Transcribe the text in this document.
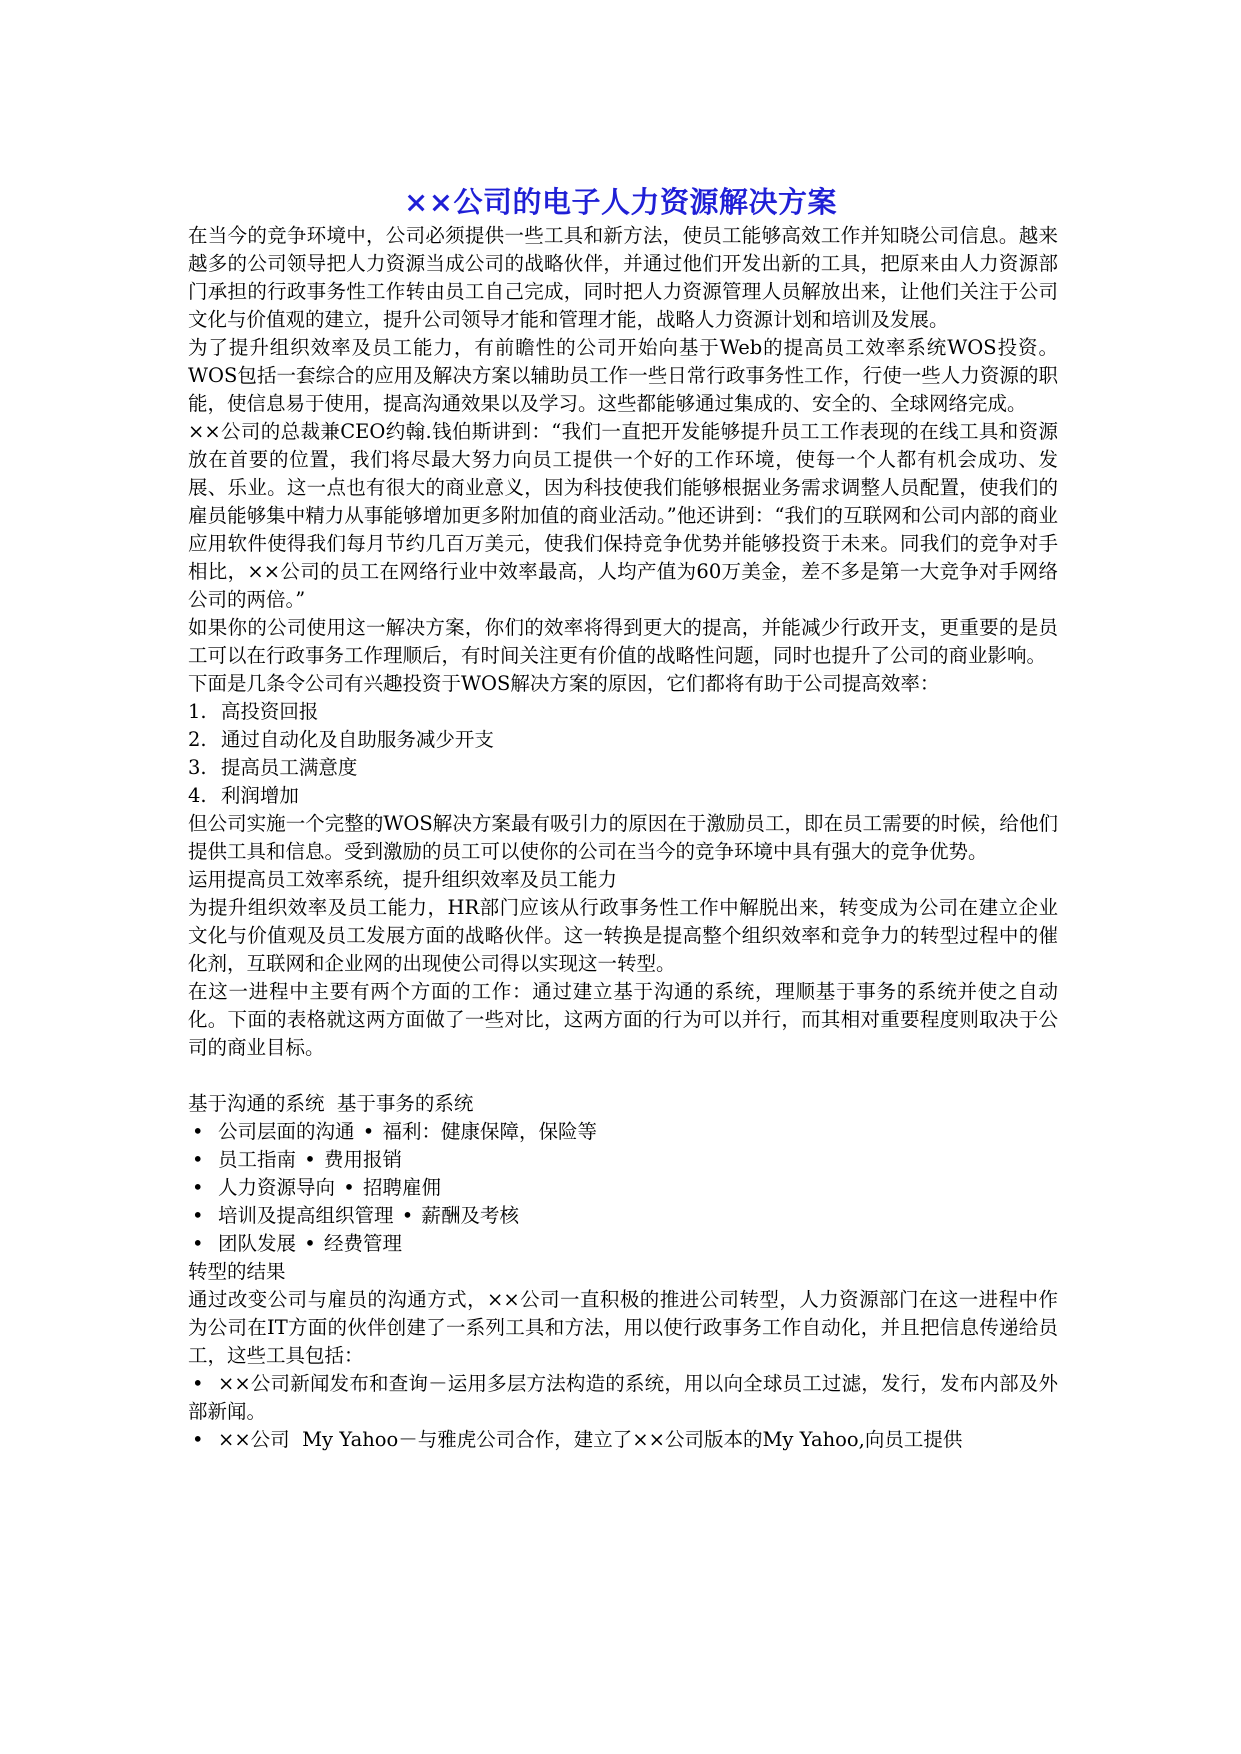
××公司的电子人力资源解决方案

在当今的竞争环境中，公司必须提供一些工具和新方法，使员工能够高效工作并知晓公司信息。越来越多的公司领导把人力资源当成公司的战略伙伴，并通过他们开发出新的工具，把原来由人力资源部门承担的行政事务性工作转由员工自己完成，同时把人力资源管理人员解放出来，让他们关注于公司文化与价值观的建立，提升公司领导才能和管理才能，战略人力资源计划和培训及发展。

为了提升组织效率及员工能力，有前瞻性的公司开始向基于Web的提高员工效率系统WOS投资。WOS包括一套综合的应用及解决方案以辅助员工作一些日常行政事务性工作，行使一些人力资源的职能，使信息易于使用，提高沟通效果以及学习。这些都能够通过集成的、安全的、全球网络完成。

××公司的总裁兼CEO约翰.钱伯斯讲到：“我们一直把开发能够提升员工工作表现的在线工具和资源放在首要的位置，我们将尽最大努力向员工提供一个好的工作环境，使每一个人都有机会成功、发展、乐业。这一点也有很大的商业意义，因为科技使我们能够根据业务需求调整人员配置，使我们的雇员能够集中精力从事能够增加更多附加值的商业活动。”他还讲到：“我们的互联网和公司内部的商业应用软件使得我们每月节约几百万美元，使我们保持竞争优势并能够投资于未来。同我们的竞争对手相比，××公司的员工在网络行业中效率最高，人均产值为60万美金，差不多是第一大竞争对手网络公司的两倍。”

如果你的公司使用这一解决方案，你们的效率将得到更大的提高，并能减少行政开支，更重要的是员工可以在行政事务工作理顺后，有时间关注更有价值的战略性问题，同时也提升了公司的商业影响。

下面是几条令公司有兴趣投资于WOS解决方案的原因，它们都将有助于公司提高效率：

1. 高投资回报
2. 通过自动化及自助服务减少开支
3. 提高员工满意度
4. 利润增加

但公司实施一个完整的WOS解决方案最有吸引力的原因在于激励员工，即在员工需要的时候，给他们提供工具和信息。受到激励的员工可以使你的公司在当今的竞争环境中具有强大的竞争优势。

运用提高员工效率系统，提升组织效率及员工能力

为提升组织效率及员工能力，HR部门应该从行政事务性工作中解脱出来，转变成为公司在建立企业文化与价值观及员工发展方面的战略伙伴。这一转换是提高整个组织效率和竞争力的转型过程中的催化剂，互联网和企业网的出现使公司得以实现这一转型。

在这一进程中主要有两个方面的工作：通过建立基于沟通的系统，理顺基于事务的系统并使之自动化。下面的表格就这两方面做了一些对比，这两方面的行为可以并行，而其相对重要程度则取决于公司的商业目标。

基于沟通的系统  基于事务的系统

• 公司层面的沟通 • 福利：健康保障，保险等
• 员工指南 • 费用报销
• 人力资源导向 • 招聘雇佣
• 培训及提高组织管理 • 薪酬及考核
• 团队发展 • 经费管理

转型的结果

通过改变公司与雇员的沟通方式，××公司一直积极的推进公司转型，人力资源部门在这一进程中作为公司在IT方面的伙伴创建了一系列工具和方法，用以使行政事务工作自动化，并且把信息传递给员工，这些工具包括：

• ××公司新闻发布和查询－运用多层方法构造的系统，用以向全球员工过滤，发行，发布内部及外部新闻。

• ××公司  My Yahoo－与雅虎公司合作，建立了××公司版本的My Yahoo,向员工提供
